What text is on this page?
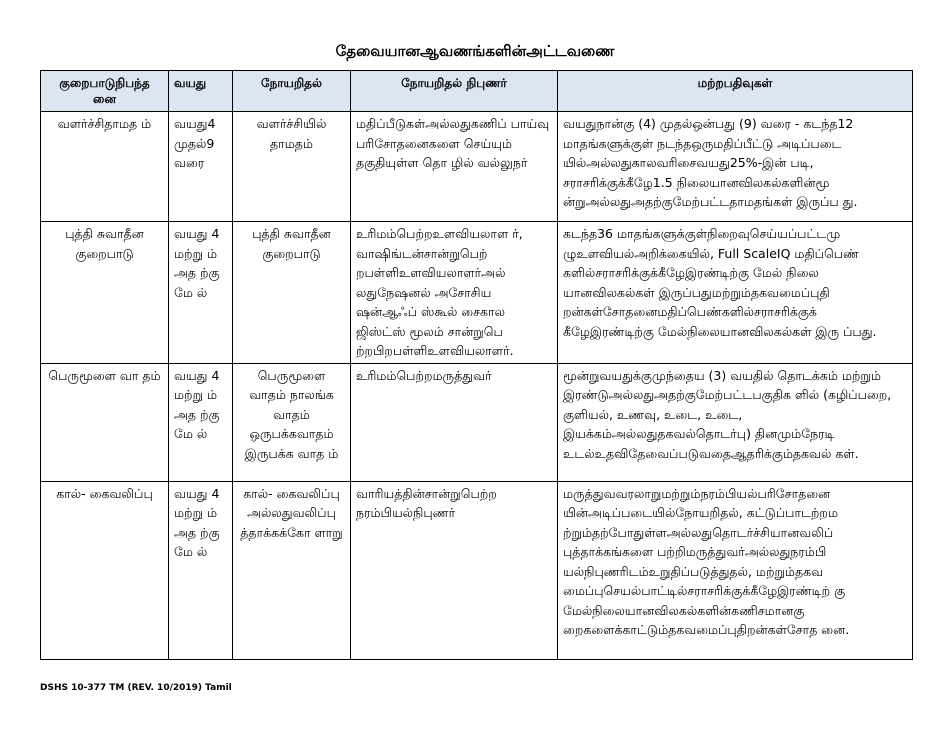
தேவையானஆவணங்களின்அட்டவணை
குறைபாடுநிபந்த னை	வயது	நோயறிதல்	நோயறிதல் நிபுணர்	மற்றபதிவுகள்
வளர்ச்சிதாமத ம்	வயது4 முதல்9 வரை	வளர்ச்சியில் தாமதம்	மதிப்பீடுகள்அல்லதுகணிப் பாய்வு பரிசோதனைகளை செய்யும் தகுதியுள்ள தொ ழில் வல்லுநர்	வயதுநான்கு (4) முதல்ஒன்பது (9) வரை - கடந்த12 மாதங்களுக்குள் நடந்தஒருமதிப்பீட்டு அடிப்படை யில்அல்லதுகாலவரிசைவயது25%-இன் படி, சராசரிக்குக்கீழே1.5 நிலையானவிலகல்களின்மூ ன்றுஅல்லதுஅதற்குமேற்பட்டதாமதங்கள் இருப்ப து.
புத்தி சுவாதீன குறைபாடு	வயது 4 மற்று ம் அத ற்கு மே ல்	புத்தி சுவாதீன குறைபாடு	உரிமம்பெற்றஉளவியலாள ர், வாஷிங்டன்சான்றுபெற் றபள்ளிஉளவியலாளர்அல் லதுநேஷனல் அசோசிய ஷன்ஆஃப் ஸ்கூல் சைகால ஜிஸ்ட்ஸ் மூலம் சான்றுபெ ற்றபிறபள்ளிஉளவியலாளர்.	கடந்த36 மாதங்களுக்குள்நிறைவுசெய்யப்பட்டமு ழுஉளவியல்அறிக்கையில், Full ScaleIQ மதிப்பெண் களில்சராசரிக்குக்கீழேஇரண்டிற்கு மேல் நிலை யானவிலகல்கள் இருப்பதுமற்றும்தகவமைப்புதி றன்கள்சோதனைமதிப்பெண்களில்சராசரிக்குக் கீழேஇரண்டிற்கு மேல்நிலையானவிலகல்கள் இரு ப்பது.
பெருமூளை வா தம்	வயது 4 மற்று ம் அத ற்கு மே ல்	பெருமூளை வாதம் நாலங்க வாதம் ஒருபக்கவாதம் இருபக்க வாத ம்	உரிமம்பெற்றமருத்துவர்	மூன்றுவயதுக்குமுந்தைய (3) வயதில் தொடக்கம் மற்றும் இரண்டுஅல்லதுஅதற்குமேற்பட்டபகுதிக ளில் (கழிப்பறை, குளியல், உணவு, உடை, உடை, இயக்கம்அல்லதுதகவல்தொடர்பு) தினமும்நேரடி உடல்உதவிதேவைப்படுவதைஆதரிக்கும்தகவல் கள்.
கால்- கைவலிப்பு	வயது 4 மற்று ம் அத ற்கு மே ல்	கால்- கைவலிப்பு அல்லதுவலிப்பு த்தாக்கக்கோ ளாறு	வாரியத்தின்சான்றுபெற்ற நரம்பியல்நிபுணர்	மருத்துவவரலாறுமற்றும்நரம்பியல்பரிசோதனை யின்அடிப்படையில்நோயறிதல், கட்டுப்பாடற்றம ற்றும்தற்போதுள்ளஅல்லதுதொடர்ச்சியானவலிப் புத்தாக்கங்களை பற்றிமருத்துவர்அல்லதுநரம்பி யல்நிபுணரிடம்உறுதிப்படுத்துதல், மற்றும்தகவ மைப்புசெயல்பாட்டில்சராசரிக்குக்கீழேஇரண்டிற் கு மேல்நிலையானவிலகல்களின்கணிசமானகு றைகளைக்காட்டும்தகவமைப்புதிறன்கள்சோத னை.
DSHS 10-377 TM (REV. 10/2019) Tamil
